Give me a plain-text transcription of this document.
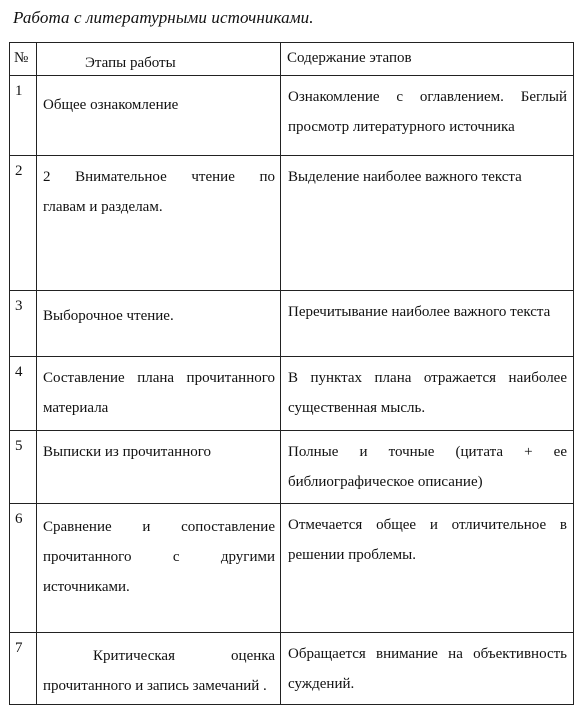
Работа с литературными источниками.
№	Этапы работы	Содержание этапов

1	Общее ознакомление	Ознакомление с оглавлением. Беглый
просмотр литературного источника

2	2 Внимательное чтение по
главам и разделам.	Выделение наиболее важного текста

3	Выборочное чтение.	Перечитывание наиболее важного текста

4	Составление плана прочитанного
материала	В пунктах плана отражается наиболее
существенная мысль.

5	Выписки из прочитанного	Полные и точные (цитата + ее
библиографическое описание)

6	Сравнение и сопоставление
прочитанного с другими
источниками.	Отмечается общее и отличительное в
решении проблемы.

7	Критическая оценка
прочитанного и запись замечаний .	Обращается внимание на объективность
суждений.
